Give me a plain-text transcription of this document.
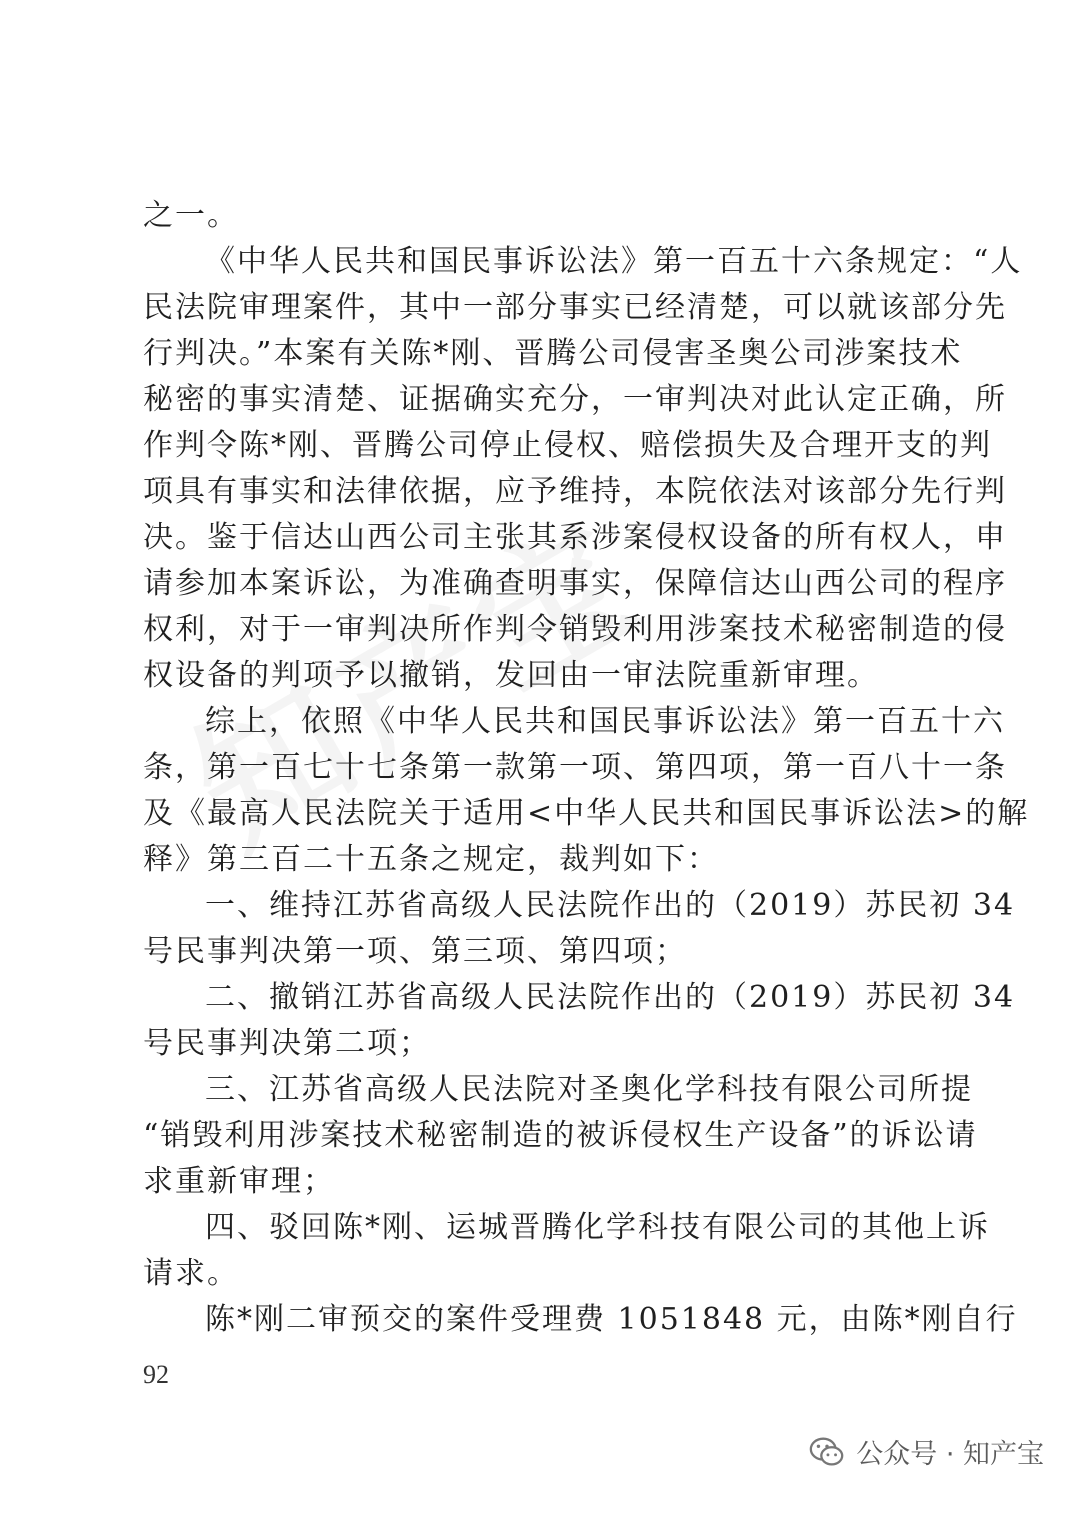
92
公众号 · 知产宝
之一。
《中华人民共和国民事诉讼法》第一百五十六条规定：“人
民法院审理案件，其中一部分事实已经清楚，可以就该部分先
行判决。”本案有关陈*刚、晋腾公司侵害圣奥公司涉案技术
秘密的事实清楚、证据确实充分，一审判决对此认定正确，所
作判令陈*刚、晋腾公司停止侵权、赔偿损失及合理开支的判
项具有事实和法律依据，应予维持，本院依法对该部分先行判
决。鉴于信达山西公司主张其系涉案侵权设备的所有权人，申
请参加本案诉讼，为准确查明事实，保障信达山西公司的程序
权利，对于一审判决所作判令销毁利用涉案技术秘密制造的侵
权设备的判项予以撤销，发回由一审法院重新审理。
综上，依照《中华人民共和国民事诉讼法》第一百五十六
条，第一百七十七条第一款第一项、第四项，第一百八十一条
及《最高人民法院关于适用<中华人民共和国民事诉讼法>的解
释》第三百二十五条之规定，裁判如下：
一、维持江苏省高级人民法院作出的（2019）苏民初 34
号民事判决第一项、第三项、第四项；
二、撤销江苏省高级人民法院作出的（2019）苏民初 34
号民事判决第二项；
三、江苏省高级人民法院对圣奥化学科技有限公司所提
“销毁利用涉案技术秘密制造的被诉侵权生产设备”的诉讼请
求重新审理；
四、驳回陈*刚、运城晋腾化学科技有限公司的其他上诉
请求。
陈*刚二审预交的案件受理费 1051848 元，由陈*刚自行
